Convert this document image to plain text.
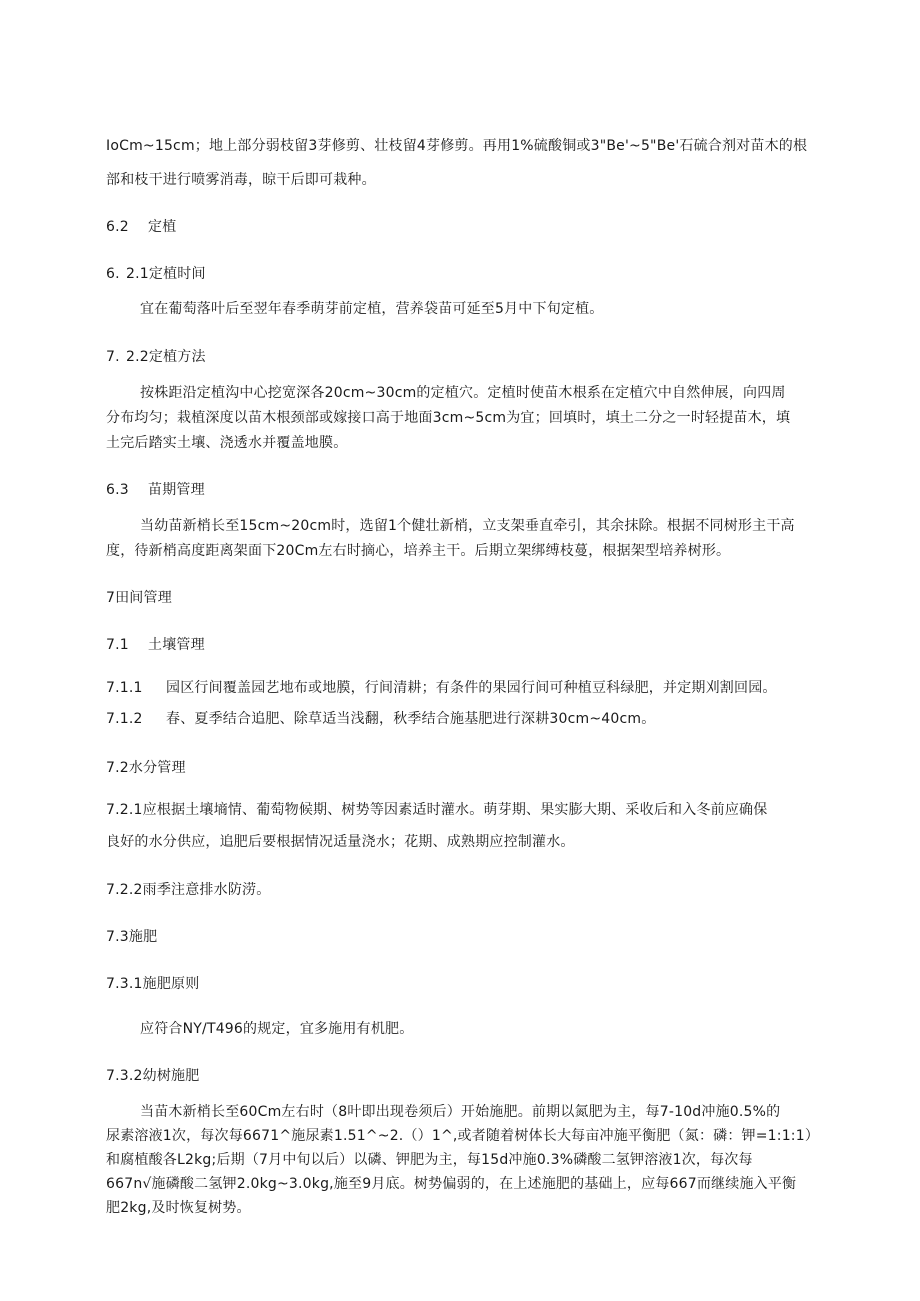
IoCm~15cm；地上部分弱枝留3芽修剪、壮枝留4芽修剪。再用1%硫酸铜或3"Be'~5"Be'石硫合剂对苗木的根
部和枝干进行喷雾消毒，晾干后即可栽种。
6.2 定植
6. 2.1定植时间
宜在葡萄落叶后至翌年春季萌芽前定植，营养袋苗可延至5月中下旬定植。
7. 2.2定植方法
按株距沿定植沟中心挖宽深各20cm~30cm的定植穴。定植时使苗木根系在定植穴中自然伸展，向四周
分布均匀；栽植深度以苗木根颈部或嫁接口高于地面3cm~5cm为宜；回填时，填土二分之一时轻提苗木，填
土完后踏实土壤、浇透水并覆盖地膜。
6.3 苗期管理
当幼苗新梢长至15cm~20cm时，选留1个健壮新梢，立支架垂直牵引，其余抹除。根据不同树形主干高
度，待新梢高度距离架面下20Cm左右时摘心，培养主干。后期立架绑缚枝蔓，根据架型培养树形。
7田间管理
7.1 土壤管理
7.1.1 园区行间覆盖园艺地布或地膜，行间清耕；有条件的果园行间可种植豆科绿肥，并定期刈割回园。
7.1.2 春、夏季结合追肥、除草适当浅翻，秋季结合施基肥进行深耕30cm~40cm。
7.2水分管理
7.2.1应根据土壤墒情、葡萄物候期、树势等因素适时灌水。萌芽期、果实膨大期、采收后和入冬前应确保
良好的水分供应，追肥后要根据情况适量浇水；花期、成熟期应控制灌水。
7.2.2雨季注意排水防涝。
7.3施肥
7.3.1施肥原则
应符合NY/T496的规定，宜多施用有机肥。
7.3.2幼树施肥
当苗木新梢长至60Cm左右时（8叶即出现卷须后）开始施肥。前期以氮肥为主，每7-10d冲施0.5%的
尿素溶液1次，每次每6671^施尿素1.51^~2.（）1^,或者随着树体长大每亩冲施平衡肥（氮：磷：钾=1:1:1）
和腐植酸各L2kg;后期（7月中旬以后）以磷、钾肥为主，每15d冲施0.3%磷酸二氢钾溶液1次，每次每
667n√施磷酸二氢钾2.0kg~3.0kg,施至9月底。树势偏弱的，在上述施肥的基础上，应每667而继续施入平衡
肥2kg,及时恢复树势。
